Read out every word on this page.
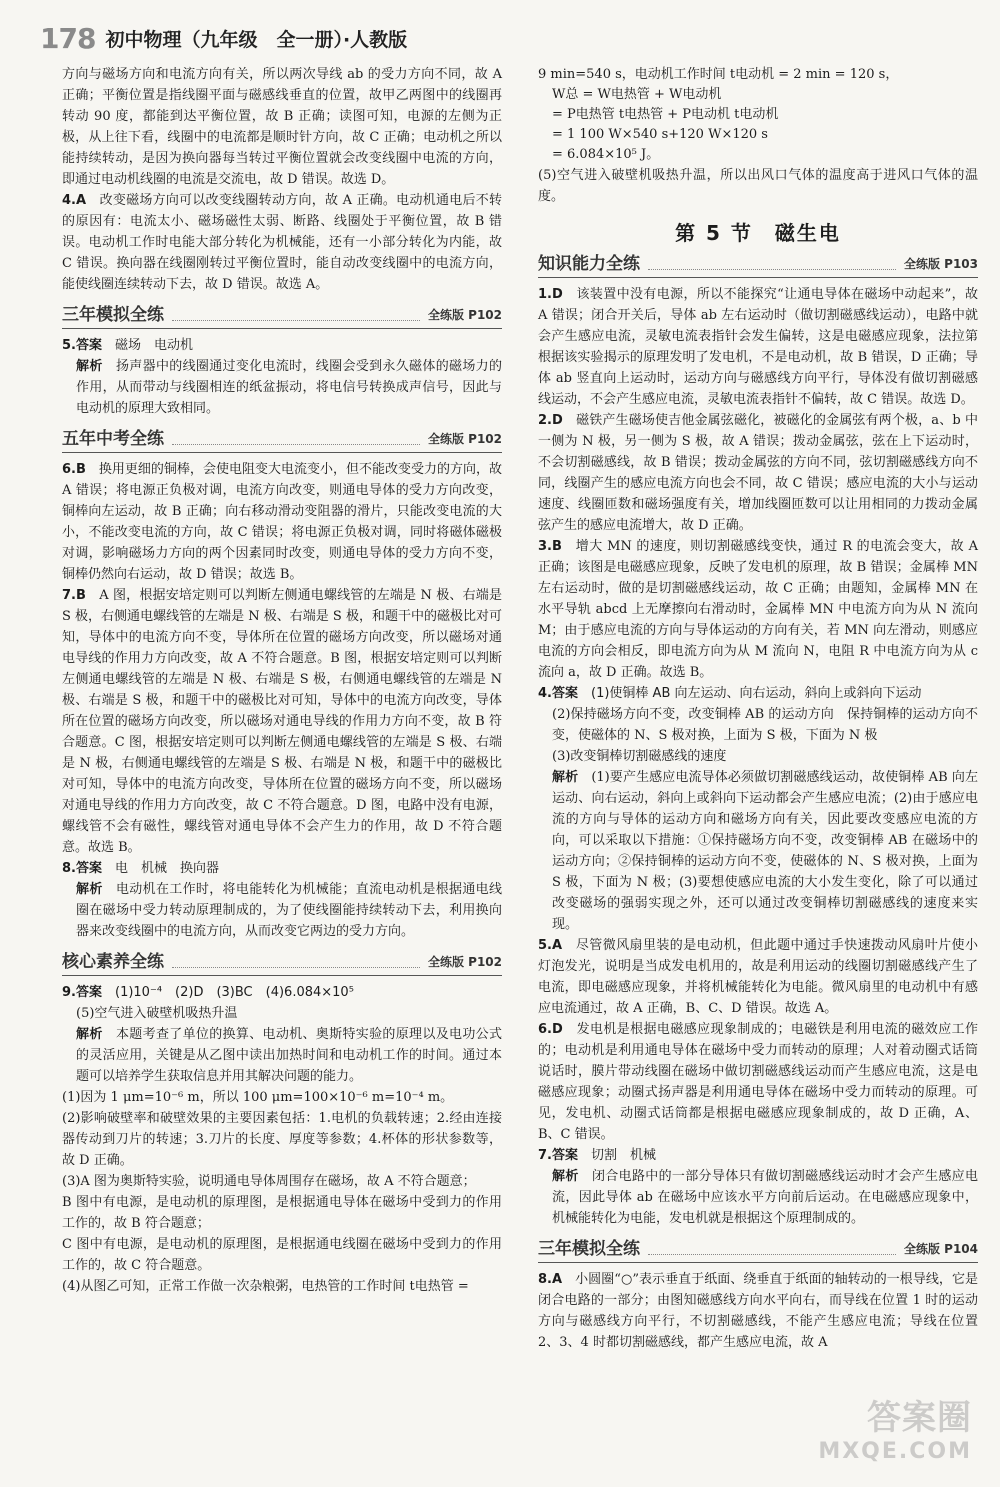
178 初中物理（九年级　全一册）·人教版

方向与磁场方向和电流方向有关，所以两次导线 ab 的受力方向不同，故 A 正确；平衡位置是指线圈平面与磁感线垂直的位置，故甲乙两图中的线圈再转动 90 度，都能到达平衡位置，故 B 正确；读图可知，电源的左侧为正极，从上往下看，线圈中的电流都是顺时针方向，故 C 正确；电动机之所以能持续转动，是因为换向器每当转过平衡位置就会改变线圈中电流的方向，即通过电动机线圈的电流是交流电，故 D 错误。故选 D。

4.A　 改变磁场方向可以改变线圈转动方向，故 A 正确。电动机通电后不转的原因有：电流太小、磁场磁性太弱、断路、线圈处于平衡位置，故 B 错误。电动机工作时电能大部分转化为机械能，还有一小部分转化为内能，故 C 错误。换向器在线圈刚转过平衡位置时，能自动改变线圈中的电流方向，能使线圈连续转动下去，故 D 错误。故选 A。

三年模拟全练	全练版 P102

5.答案　 磁场　电动机

解析　 扬声器中的线圈通过变化电流时，线圈会受到永久磁体的磁场力的作用，从而带动与线圈相连的纸盆振动，将电信号转换成声信号，因此与电动机的原理大致相同。

五年中考全练	全练版 P102

6.B　 换用更细的铜棒，会使电阻变大电流变小，但不能改变受力的方向，故 A 错误；将电源正负极对调，电流方向改变，则通电导体的受力方向改变，铜棒向左运动，故 B 正确；向右移动滑动变阻器的滑片，只能改变电流的大小，不能改变电流的方向，故 C 错误；将电源正负极对调，同时将磁体磁极对调，影响磁场力方向的两个因素同时改变，则通电导体的受力方向不变，铜棒仍然向右运动，故 D 错误；故选 B。

7.B　 A 图，根据安培定则可以判断左侧通电螺线管的左端是 N 极、右端是 S 极，右侧通电螺线管的左端是 N 极、右端是 S 极，和题干中的磁极比对可知，导体中的电流方向不变，导体所在位置的磁场方向改变，所以磁场对通电导线的作用力方向改变，故 A 不符合题意。B 图，根据安培定则可以判断左侧通电螺线管的左端是 N 极、右端是 S 极，右侧通电螺线管的左端是 N 极、右端是 S 极，和题干中的磁极比对可知，导体中的电流方向改变，导体所在位置的磁场方向改变，所以磁场对通电导线的作用力方向不变，故 B 符合题意。C 图，根据安培定则可以判断左侧通电螺线管的左端是 S 极、右端是 N 极，右侧通电螺线管的左端是 S 极、右端是 N 极，和题干中的磁极比对可知，导体中的电流方向改变，导体所在位置的磁场方向不变，所以磁场对通电导线的作用力方向改变，故 C 不符合题意。D 图，电路中没有电源，螺线管不会有磁性，螺线管对通电导体不会产生力的作用，故 D 不符合题意。故选 B。

8.答案　 电　机械　换向器

解析　 电动机在工作时，将电能转化为机械能；直流电动机是根据通电线圈在磁场中受力转动原理制成的，为了使线圈能持续转动下去，利用换向器来改变线圈中的电流方向，从而改变它两边的受力方向。

核心素养全练	全练版 P102

9.答案　 (1)10⁻⁴　(2)D　(3)BC　(4)6.084×10⁵

(5)空气进入破壁机吸热升温

解析　 本题考查了单位的换算、电动机、奥斯特实验的原理以及电功公式的灵活应用，关键是从乙图中读出加热时间和电动机工作的时间。通过本题可以培养学生获取信息并用其解决问题的能力。

(1)因为 1 μm=10⁻⁶ m，所以 100 μm=100×10⁻⁶ m=10⁻⁴ m。

(2)影响破壁率和破壁效果的主要因素包括：1.电机的负载转速；2.经由连接器传动到刀片的转速；3.刀片的长度、厚度等参数；4.杯体的形状参数等，故 D 正确。

(3)A 图为奥斯特实验，说明通电导体周围存在磁场，故 A 不符合题意；

B 图中有电源，是电动机的原理图，是根据通电导体在磁场中受到力的作用工作的，故 B 符合题意；

C 图中有电源，是电动机的原理图，是根据通电线圈在磁场中受到力的作用工作的，故 C 符合题意。

(4)从图乙可知，正常工作做一次杂粮粥，电热管的工作时间 t电热管 =

9 min=540 s，电动机工作时间 t电动机 = 2 min = 120 s，

W总 = W电热管 + W电动机
= P电热管 t电热管 + P电动机 t电动机
= 1 100 W×540 s+120 W×120 s
= 6.084×10⁵ J。

(5)空气进入破壁机吸热升温，所以出风口气体的温度高于进风口气体的温度。

第 5 节　磁生电
知识能力全练	全练版 P103

1.D　 该装置中没有电源，所以不能探究“让通电导体在磁场中动起来”，故 A 错误；闭合开关后，导体 ab 左右运动时（做切割磁感线运动），电路中就会产生感应电流，灵敏电流表指针会发生偏转，这是电磁感应现象，法拉第根据该实验揭示的原理发明了发电机，不是电动机，故 B 错误，D 正确；导体 ab 竖直向上运动时，运动方向与磁感线方向平行，导体没有做切割磁感线运动，不会产生感应电流，灵敏电流表指针不偏转，故 C 错误。故选 D。

2.D　 磁铁产生磁场使吉他金属弦磁化，被磁化的金属弦有两个极，a、b 中一侧为 N 极，另一侧为 S 极，故 A 错误；拨动金属弦，弦在上下运动时，不会切割磁感线，故 B 错误；拨动金属弦的方向不同，弦切割磁感线方向不同，线圈产生的感应电流方向也会不同，故 C 错误；感应电流的大小与运动速度、线圈匝数和磁场强度有关，增加线圈匝数可以让用相同的力拨动金属弦产生的感应电流增大，故 D 正确。

3.B　 增大 MN 的速度，则切割磁感线变快，通过 R 的电流会变大，故 A 正确；该图是电磁感应现象，反映了发电机的原理，故 B 错误；金属棒 MN 左右运动时，做的是切割磁感线运动，故 C 正确；由题知，金属棒 MN 在水平导轨 abcd 上无摩擦向右滑动时，金属棒 MN 中电流方向为从 N 流向 M；由于感应电流的方向与导体运动的方向有关，若 MN 向左滑动，则感应电流的方向会相反，即电流方向为从 M 流向 N，电阻 R 中电流方向为从 c 流向 a，故 D 正确。故选 B。

4.答案　 (1)使铜棒 AB 向左运动、向右运动，斜向上或斜向下运动

(2)保持磁场方向不变，改变铜棒 AB 的运动方向　保持铜棒的运动方向不变，使磁体的 N、S 极对换，上面为 S 极，下面为 N 极

(3)改变铜棒切割磁感线的速度

解析　 (1)要产生感应电流导体必须做切割磁感线运动，故使铜棒 AB 向左运动、向右运动，斜向上或斜向下运动都会产生感应电流；(2)由于感应电流的方向与导体的运动方向和磁场方向有关，因此要改变感应电流的方向，可以采取以下措施：①保持磁场方向不变，改变铜棒 AB 在磁场中的运动方向；②保持铜棒的运动方向不变，使磁体的 N、S 极对换，上面为 S 极，下面为 N 极；(3)要想使感应电流的大小发生变化，除了可以通过改变磁场的强弱实现之外，还可以通过改变铜棒切割磁感线的速度来实现。

5.A　 尽管微风扇里装的是电动机，但此题中通过手快速拨动风扇叶片使小灯泡发光，说明是当成发电机用的，故是利用运动的线圈切割磁感线产生了电流，即电磁感应现象，并将机械能转化为电能。微风扇里的电动机中有感应电流通过，故 A 正确，B、C、D 错误。故选 A。

6.D　 发电机是根据电磁感应现象制成的；电磁铁是利用电流的磁效应工作的；电动机是利用通电导体在磁场中受力而转动的原理；人对着动圈式话筒说话时，膜片带动线圈在磁场中做切割磁感线运动而产生感应电流，这是电磁感应现象；动圈式扬声器是利用通电导体在磁场中受力而转动的原理。可见，发电机、动圈式话筒都是根据电磁感应现象制成的，故 D 正确，A、B、C 错误。

7.答案　 切割　机械

解析　 闭合电路中的一部分导体只有做切割磁感线运动时才会产生感应电流，因此导体 ab 在磁场中应该水平方向前后运动。在电磁感应现象中，机械能转化为电能，发电机就是根据这个原理制成的。

三年模拟全练	全练版 P104

8.A　 小圆圈“○”表示垂直于纸面、绕垂直于纸面的轴转动的一根导线，它是闭合电路的一部分；由图知磁感线方向水平向右，而导线在位置 1 时的运动方向与磁感线方向平行，不切割磁感线，不能产生感应电流；导线在位置 2、3、4 时都切割磁感线，都产生感应电流，故 A

答案圈
MXQE.COM
